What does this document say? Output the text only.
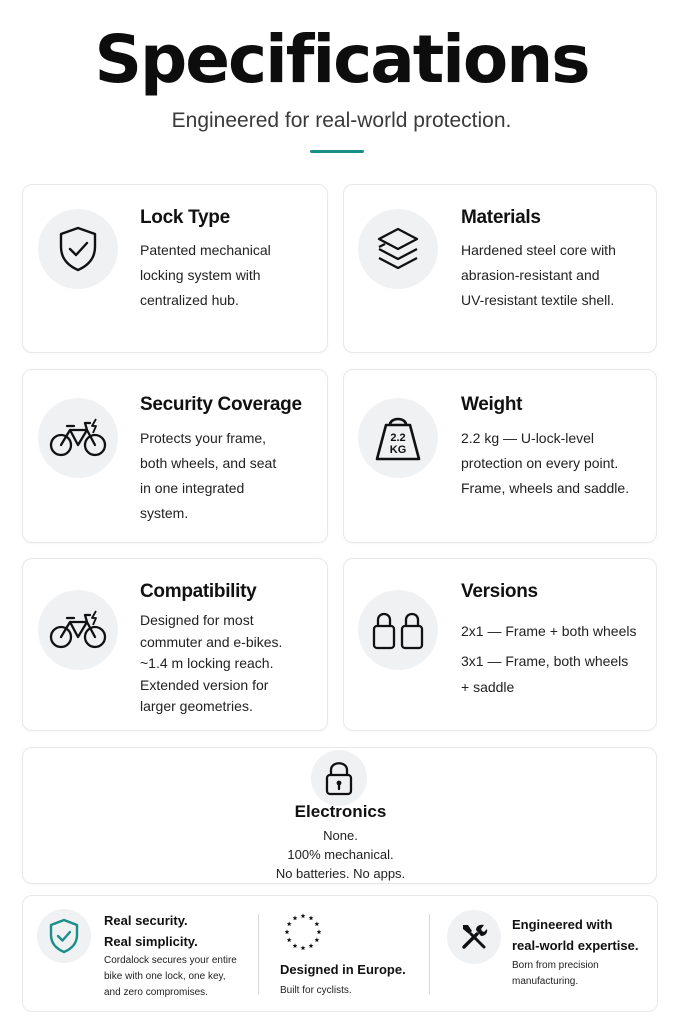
Specifications
Engineered for real-world protection.
Lock Type

Patented mechanical

locking system with

centralized hub.

Materials

Hardened steel core with

abrasion-resistant and

UV-resistant textile shell.

Security Coverage

Protects your frame,

both wheels, and seat

in one integrated

system.

2.2
KG
Weight

2.2 kg — U-lock-level

protection on every point.

Frame, wheels and saddle.

Compatibility

Designed for most

commuter and e-bikes.

~1.4 m locking reach.

Extended version for

larger geometries.

Versions

2x1 — Frame + both wheels

3x1 — Frame, both wheels

+ saddle

Electronics

None.

100% mechanical.

No batteries. No apps.

Real security.

Real simplicity.

Cordalock secures your entire

bike with one lock, one key,

and zero compromises.

Designed in Europe.
Built for cyclists.

Engineered with

real-world expertise.

Born from precision

manufacturing.
